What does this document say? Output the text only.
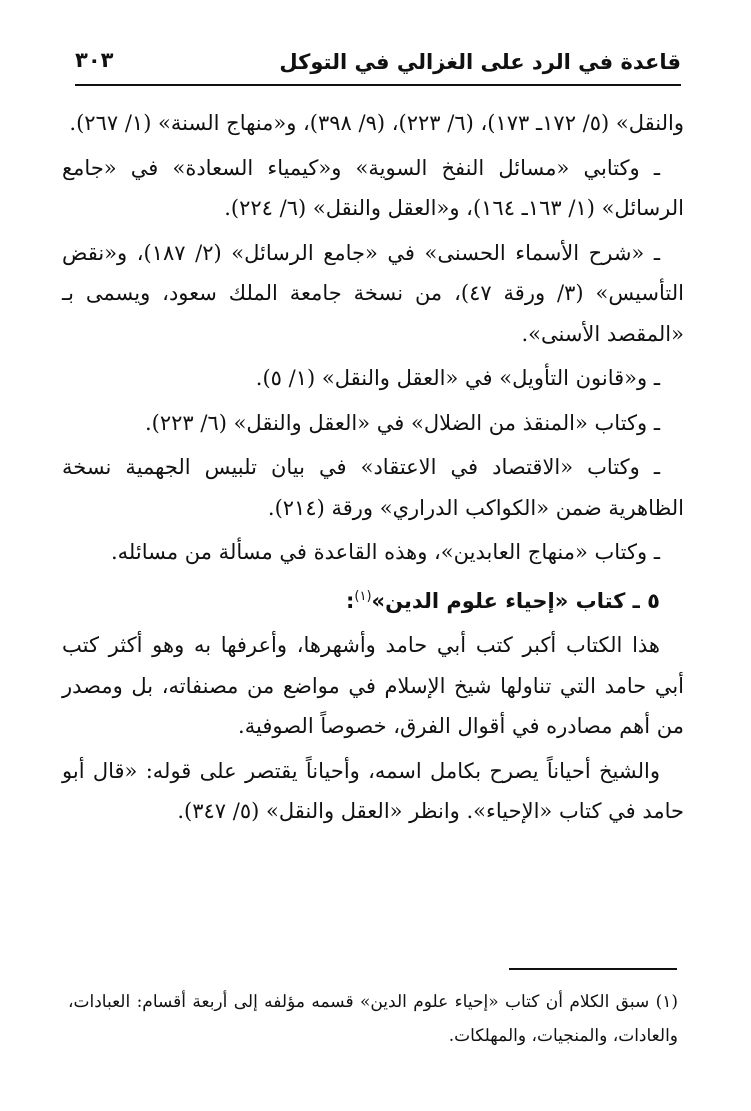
قاعدة في الرد على الغزالي في التوكل
٣٠٣

والنقل» (٥/ ١٧٢ـ ١٧٣)، (٦/ ٢٢٣)، (٩/ ٣٩٨)، و«منهاج السنة» (١/ ٢٦٧).

ـ وكتابي «مسائل النفخ السوية» و«كيمياء السعادة» في «جامع الرسائل» (١/ ١٦٣ـ ١٦٤)، و«العقل والنقل» (٦/ ٢٢٤).

ـ «شرح الأسماء الحسنى» في «جامع الرسائل» (٢/ ١٨٧)، و«نقض التأسيس» (٣/ ورقة ٤٧)، من نسخة جامعة الملك سعود، ويسمى بـ «المقصد الأسنى».

ـ و«قانون التأويل» في «العقل والنقل» (١/ ٥).

ـ وكتاب «المنقذ من الضلال» في «العقل والنقل» (٦/ ٢٢٣).

ـ وكتاب «الاقتصاد في الاعتقاد» في بيان تلبيس الجهمية نسخة الظاهرية ضمن «الكواكب الدراري» ورقة (٢١٤).

ـ وكتاب «منهاج العابدين»، وهذه القاعدة في مسألة من مسائله.

٥ ـ كتاب «إحياء علوم الدين»$^{(١)}$:

هذا الكتاب أكبر كتب أبي حامد وأشهرها، وأعرفها به وهو أكثر كتب أبي حامد التي تناولها شيخ الإسلام في مواضع من مصنفاته، بل ومصدر من أهم مصادره في أقوال الفرق، خصوصاً الصوفية.

والشيخ أحياناً يصرح بكامل اسمه، وأحياناً يقتصر على قوله: «قال أبو حامد في كتاب «الإحياء». وانظر «العقل والنقل» (٥/ ٣٤٧).

(١) سبق الكلام أن كتاب «إحياء علوم الدين» قسمه مؤلفه إلى أربعة أقسام: العبادات، والعادات، والمنجيات، والمهلكات.
